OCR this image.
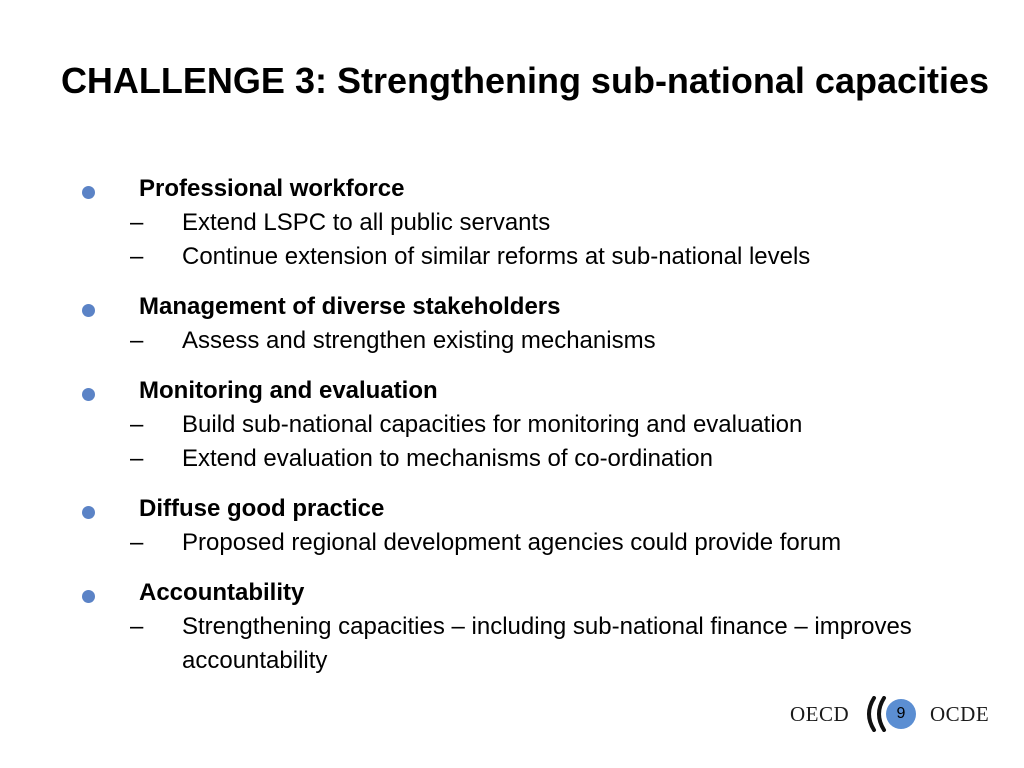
CHALLENGE 3: Strengthening sub-national capacities
Professional workforce
– Extend LSPC to all public servants
– Continue extension of similar reforms at sub-national levels
Management of diverse stakeholders
– Assess and strengthen existing mechanisms
Monitoring and evaluation
– Build sub-national capacities for monitoring and evaluation
– Extend evaluation to mechanisms of co-ordination
Diffuse good practice
– Proposed regional development agencies could provide forum
Accountability
– Strengthening capacities – including sub-national finance – improves accountability
OECD	9	OCDE
